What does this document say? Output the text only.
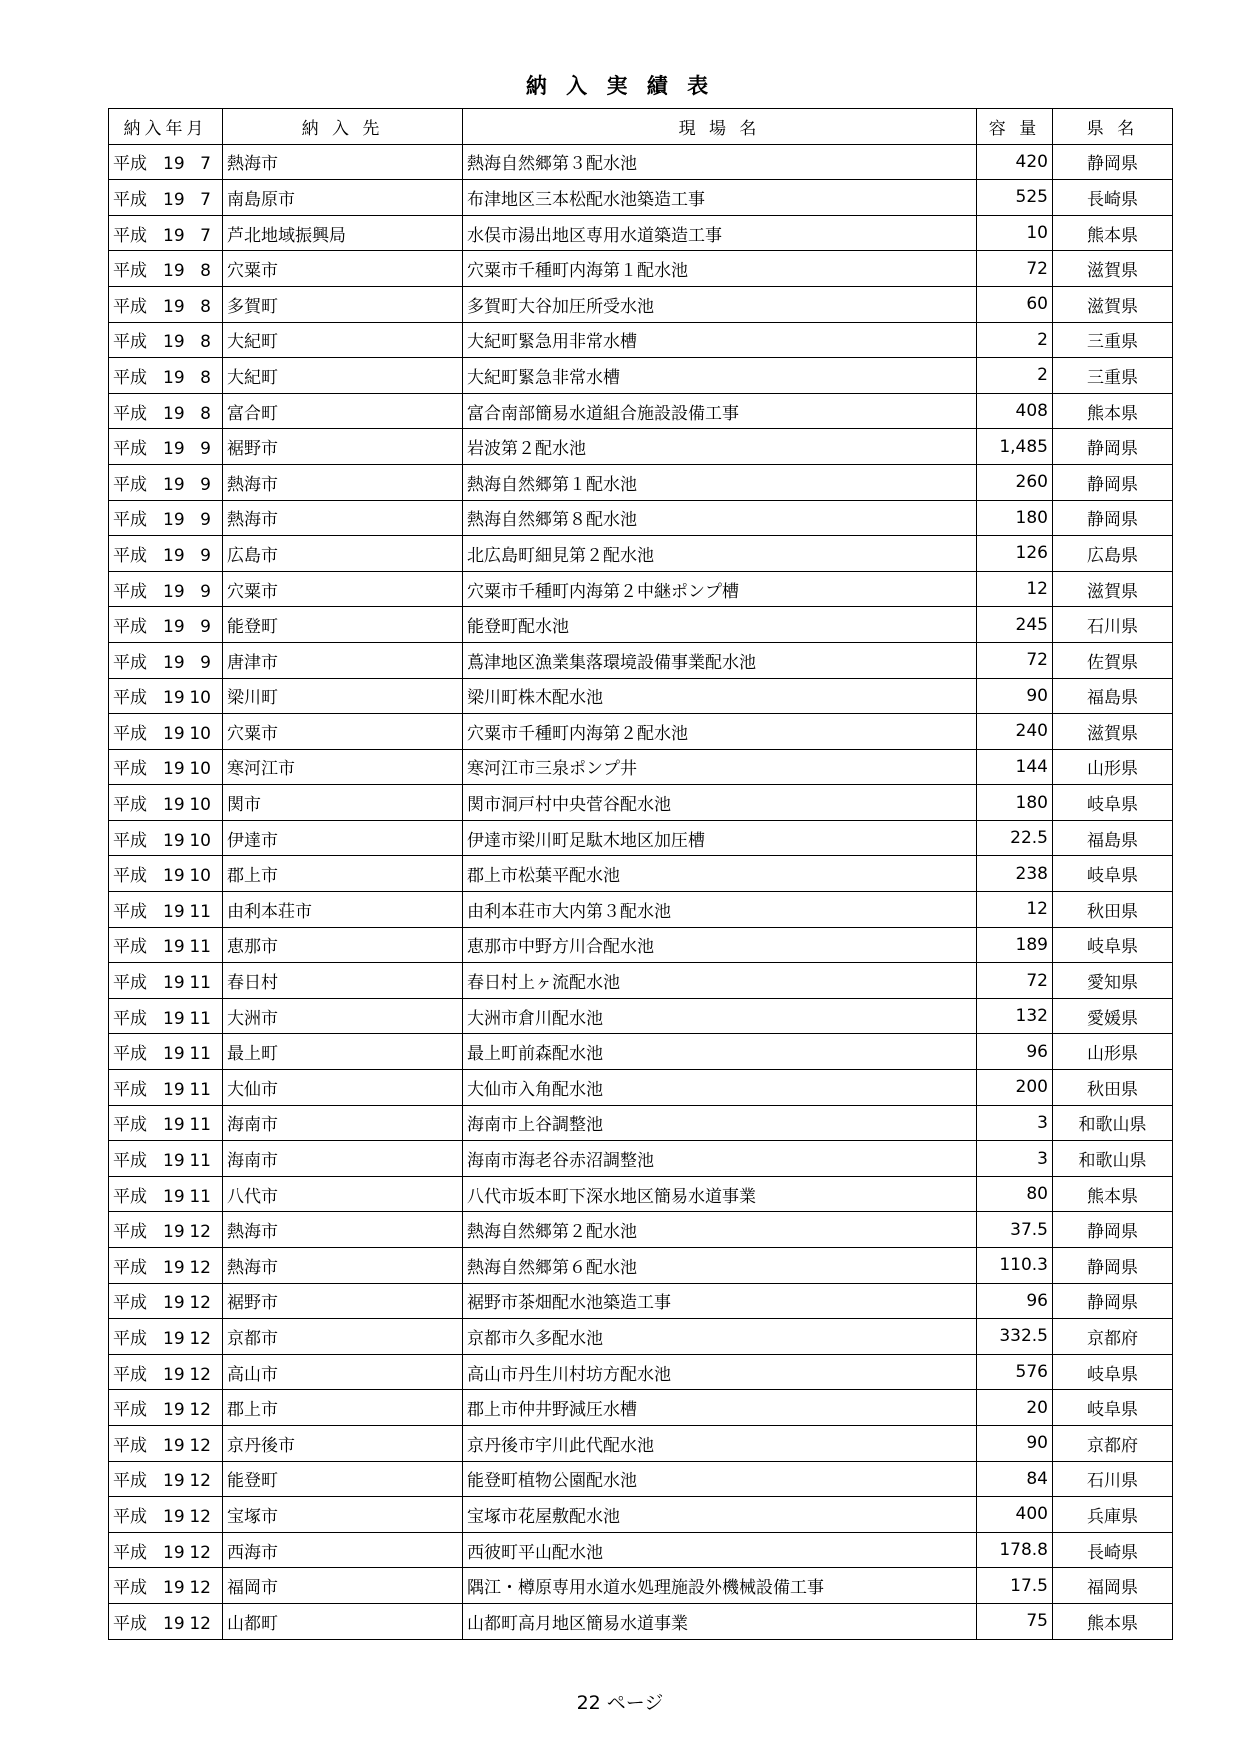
納 入 実 績 表
納入年月	納 入 先	現 場 名	容 量	県 名
平成 19 7	熱海市	熱海自然郷第３配水池	420	静岡県
平成 19 7	南島原市	布津地区三本松配水池築造工事	525	長崎県
平成 19 7	芦北地域振興局	水俣市湯出地区専用水道築造工事	10	熊本県
平成 19 8	穴粟市	穴粟市千種町内海第１配水池	72	滋賀県
平成 19 8	多賀町	多賀町大谷加圧所受水池	60	滋賀県
平成 19 8	大紀町	大紀町緊急用非常水槽	2	三重県
平成 19 8	大紀町	大紀町緊急非常水槽	2	三重県
平成 19 8	富合町	富合南部簡易水道組合施設設備工事	408	熊本県
平成 19 9	裾野市	岩波第２配水池	1,485	静岡県
平成 19 9	熱海市	熱海自然郷第１配水池	260	静岡県
平成 19 9	熱海市	熱海自然郷第８配水池	180	静岡県
平成 19 9	広島市	北広島町細見第２配水池	126	広島県
平成 19 9	穴粟市	穴粟市千種町内海第２中継ポンプ槽	12	滋賀県
平成 19 9	能登町	能登町配水池	245	石川県
平成 19 9	唐津市	蔦津地区漁業集落環境設備事業配水池	72	佐賀県
平成 19 10	梁川町	梁川町株木配水池	90	福島県
平成 19 10	穴粟市	穴粟市千種町内海第２配水池	240	滋賀県
平成 19 10	寒河江市	寒河江市三泉ポンプ井	144	山形県
平成 19 10	関市	関市洞戸村中央菅谷配水池	180	岐阜県
平成 19 10	伊達市	伊達市梁川町足駄木地区加圧槽	22.5	福島県
平成 19 10	郡上市	郡上市松葉平配水池	238	岐阜県
平成 19 11	由利本荘市	由利本荘市大内第３配水池	12	秋田県
平成 19 11	恵那市	恵那市中野方川合配水池	189	岐阜県
平成 19 11	春日村	春日村上ヶ流配水池	72	愛知県
平成 19 11	大洲市	大洲市倉川配水池	132	愛媛県
平成 19 11	最上町	最上町前森配水池	96	山形県
平成 19 11	大仙市	大仙市入角配水池	200	秋田県
平成 19 11	海南市	海南市上谷調整池	3	和歌山県
平成 19 11	海南市	海南市海老谷赤沼調整池	3	和歌山県
平成 19 11	八代市	八代市坂本町下深水地区簡易水道事業	80	熊本県
平成 19 12	熱海市	熱海自然郷第２配水池	37.5	静岡県
平成 19 12	熱海市	熱海自然郷第６配水池	110.3	静岡県
平成 19 12	裾野市	裾野市茶畑配水池築造工事	96	静岡県
平成 19 12	京都市	京都市久多配水池	332.5	京都府
平成 19 12	高山市	高山市丹生川村坊方配水池	576	岐阜県
平成 19 12	郡上市	郡上市仲井野減圧水槽	20	岐阜県
平成 19 12	京丹後市	京丹後市宇川此代配水池	90	京都府
平成 19 12	能登町	能登町植物公園配水池	84	石川県
平成 19 12	宝塚市	宝塚市花屋敷配水池	400	兵庫県
平成 19 12	西海市	西彼町平山配水池	178.8	長崎県
平成 19 12	福岡市	隅江・樽原専用水道水処理施設外機械設備工事	17.5	福岡県
平成 19 12	山都町	山都町高月地区簡易水道事業	75	熊本県
22 ページ
